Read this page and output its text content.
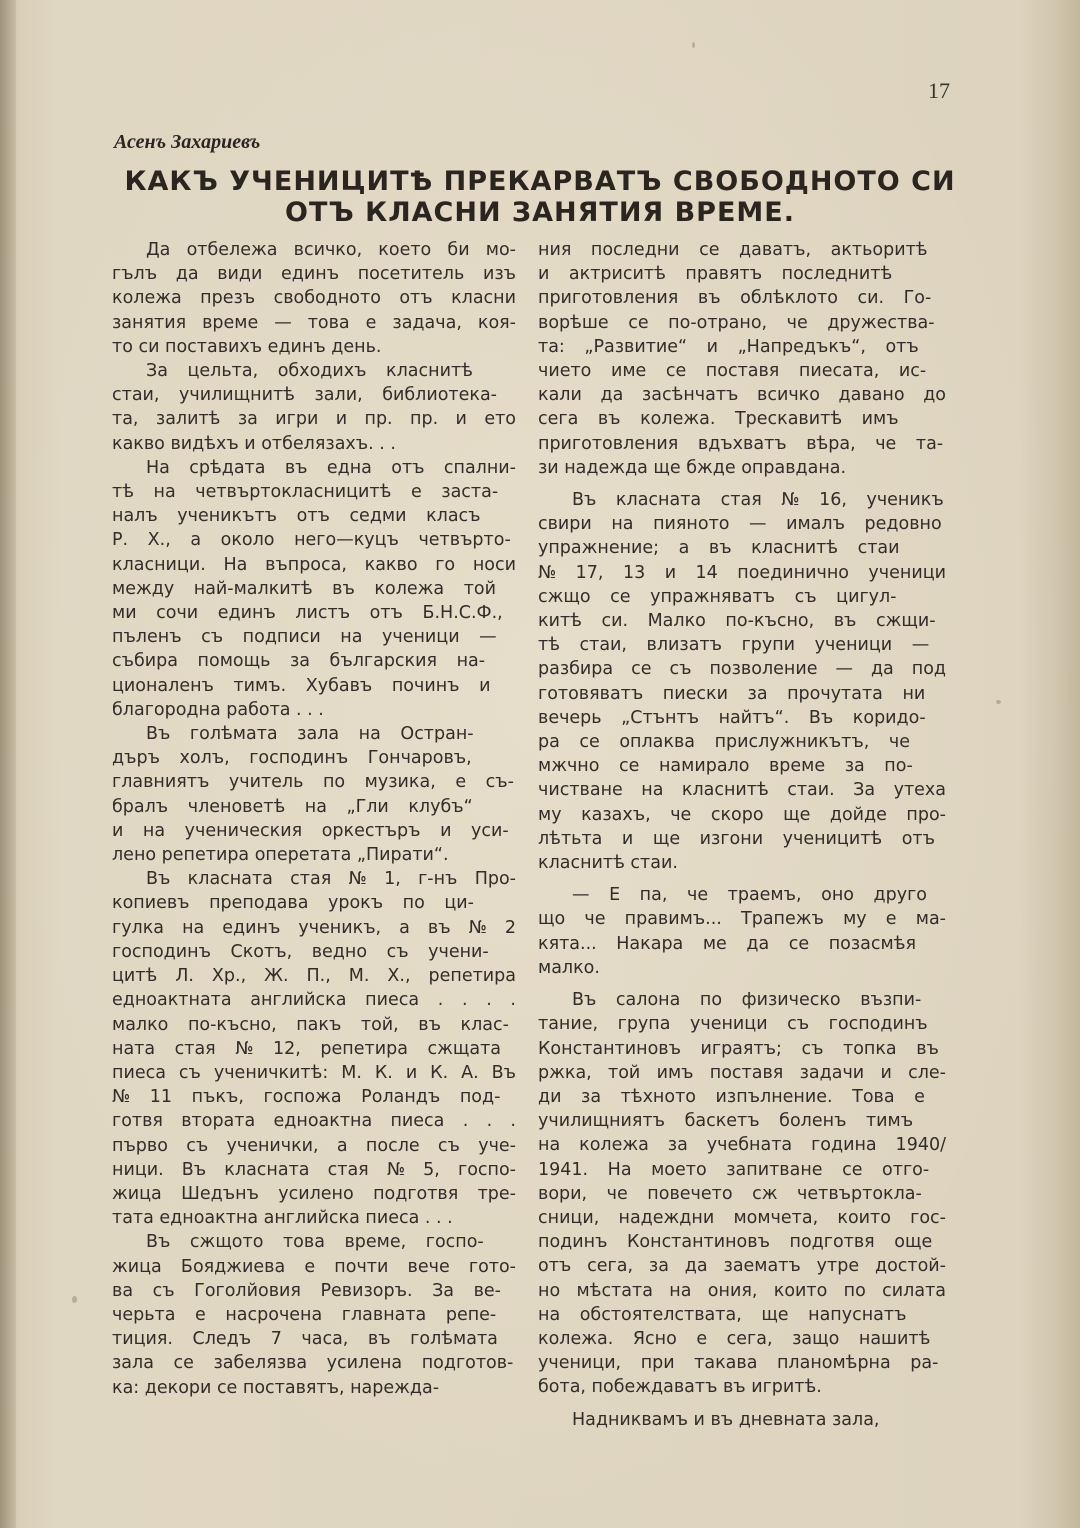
17
Асенъ Захариевъ
КАКЪ УЧЕНИЦИТѢ ПРЕКАРВАТЪ СВОБОДНОТО СИ
ОТЪ КЛАСНИ ЗАНЯТИЯ ВРЕМЕ.
Да отбележа всичко, което би мо-
гълъ да види единъ посетитель изъ
колежа презъ свободното отъ класни
занятия време — това е задача, коя-
то си поставихъ единъ день.
За цельта, обходихъ класнитѣ
стаи, училищнитѣ зали, библиотека-
та, залитѣ за игри и пр. пр. и ето
какво видѣхъ и отбелязахъ. . .
На срѣдата въ една отъ спални-
тѣ на четвъртокласницитѣ е заста-
налъ ученикътъ отъ седми класъ
Р. Х., а около него—куцъ четвърто-
класници. На въпроса, какво го носи
между най-малкитѣ въ колежа той
ми сочи единъ листъ отъ Б.Н.С.Ф.,
пъленъ съ подписи на ученици —
събира помощь за българския на-
ционаленъ тимъ. Хубавъ починъ и
благородна работа . . .
Въ голѣмата зала на Остран-
дъръ холъ, господинъ Гончаровъ,
главниятъ учитель по музика, е съ-
бралъ членоветѣ на „Гли клубъ“
и на ученическия оркестъръ и уси-
лено репетира оперетата „Пирати“.
Въ класната стая № 1, г-нъ Про-
копиевъ преподава урокъ по ци-
гулка на единъ ученикъ, а въ № 2
господинъ Скотъ, ведно съ учени-
цитѣ Л. Хр., Ж. П., М. Х., репетира
едноактната английска пиеса . . . .
малко по-късно, пакъ той, въ клас-
ната стая № 12, репетира сжщата
пиеса съ ученичкитѣ: М. К. и К. А. Въ
№ 11 пъкъ, госпожа Роландъ под-
готвя втората едноактна пиеса . . .
първо съ ученички, а после съ уче-
ници. Въ класната стая № 5, госпо-
жица Шедънъ усилено подготвя тре-
тата едноактна английска пиеса . . .
Въ сжщото това време, госпо-
жица Бояджиева е почти вече гото-
ва съ Гоголйовия Ревизоръ. За ве-
черьта е насрочена главната репе-
тиция. Следъ 7 часа, въ голѣмата
зала се забелязва усилена подготов-
ка: декори се поставятъ, нарежда-
ния последни се даватъ, актьоритѣ
и актриситѣ правятъ последнитѣ
приготовления въ облѣклото си. Го-
ворѣше се по-отрано, че дружества-
та: „Развитие“ и „Напредъкъ“, отъ
чието име се поставя пиесата, ис-
кали да засѣнчатъ всичко давано до
сега въ колежа. Трескавитѣ имъ
приготовления вдъхватъ вѣра, че та-
зи надежда ще бжде оправдана.
Въ класната стая № 16, ученикъ
свири на пияното — ималъ редовно
упражнение; а въ класнитѣ стаи
№ 17, 13 и 14 поединично ученици
сжщо се упражняватъ съ цигул-
китѣ си. Малко по-късно, въ сжщи-
тѣ стаи, влизатъ групи ученици —
разбира се съ позволение — да под
готовяватъ пиески за прочутата ни
вечерь „Стънтъ найтъ“. Въ коридо-
ра се оплаква прислужникътъ, че
мжчно се намирало време за по-
чистване на класнитѣ стаи. За утеха
му казахъ, че скоро ще дойде про-
лѣтьта и ще изгони ученицитѣ отъ
класнитѣ стаи.
— Е па, че траемъ, оно друго
що че правимъ... Трапежъ му е ма-
кята... Накара ме да се позасмѣя
малко.
Въ салона по физическо възпи-
тание, група ученици съ господинъ
Константиновъ играятъ; съ топка въ
ржка, той имъ поставя задачи и сле-
ди за тѣхното изпълнение. Това е
училищниятъ баскетъ боленъ тимъ
на колежа за учебната година 1940/
1941. На моето запитване се отго-
вори, че повечето сж четвъртокла-
сници, надеждни момчета, които гос-
подинъ Константиновъ подготвя още
отъ сега, за да заематъ утре достой-
но мѣстата на ония, които по силата
на обстоятелствата, ще напуснатъ
колежа. Ясно е сега, защо нашитѣ
ученици, при такава планомѣрна ра-
бота, побеждаватъ въ игритѣ.
Надниквамъ и въ дневната зала,
